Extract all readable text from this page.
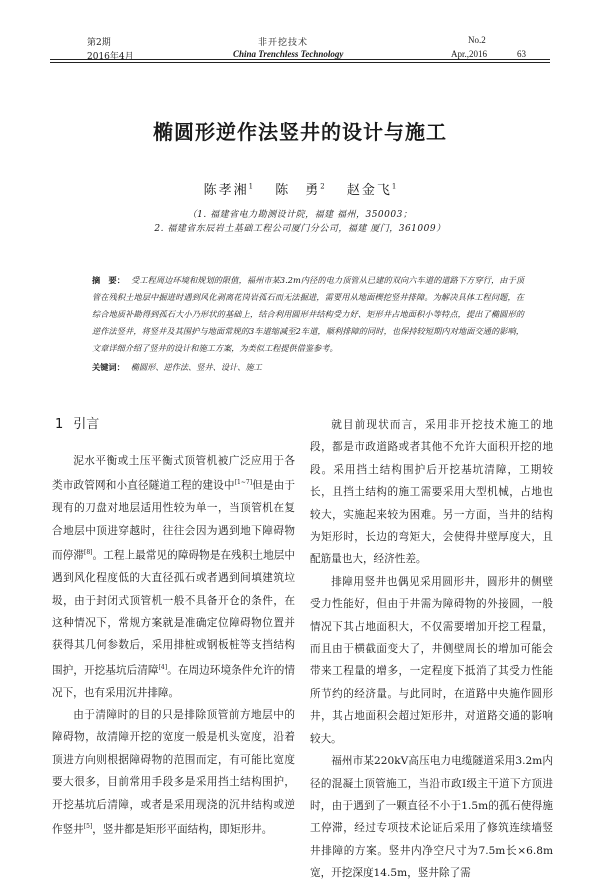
第2期
2016年4月
非开挖技术
China Trenchless Technology
No.2
Apr.,2016	63
椭圆形逆作法竖井的设计与施工
陈孝湘$^1$ 陈　勇$^2$ 赵金飞$^1$
（1. 福建省电力勘测设计院，福建 福州，350003；
2. 福建省东辰岩土基础工程公司厦门分公司，福建 厦门，361009）
摘　要： 受工程周边环境和规划的限值，福州市某3.2m内径的电力顶管从已建的双向六车道的道路下方穿行，由于顶管在残积土地层中掘进时遇到风化剥离花岗岩孤石而无法掘进，需要用从地面楔挖竖井排障。为解决具体工程问题，在综合地质补勘得到孤石大小乃形状的基础上，结合利用圆形井结构受力好、矩形井占地面积小等特点，提出了椭圆形的逆作法竖井，将竖井及其围护与地面常规的3车道缩减至2车道，顺利排障的同时，也保持较短期内对地面交通的影响，文章详细介绍了竖井的设计和施工方案，为类似工程提供借鉴参考。
关键词： 椭圆形、逆作法、竖井、设计、施工
1 引言

泥水平衡或土压平衡式顶管机被广泛应用于各类市政管网和小直径隧道工程的建设中[1~7]但是由于现有的刀盘对地层适用性较为单一，当顶管机在复合地层中顶进穿越时，往往会因为遇到地下障碍物而停滞[8]。工程上最常见的障碍物是在残积土地层中遇到风化程度低的大直径孤石或者遇到间填建筑垃圾，由于封闭式顶管机一般不具备开仓的条件，在这种情况下，常规方案就是准确定位障碍物位置并获得其几何参数后，采用排桩或钢板桩等支挡结构围护，开挖基坑后清障[4]。在周边环境条件允许的情况下，也有采用沉井排障。

由于清障时的目的只是排除顶管前方地层中的障碍物，故清障开挖的宽度一般是机头宽度，沿着顶进方向则根据障碍物的范围而定，有可能比宽度要大很多，目前常用手段多是采用挡土结构围护，开挖基坑后清障，或者是采用现浇的沉井结构或逆作竖井[5]，竖井都是矩形平面结构，即矩形井。

就目前现状而言，采用非开挖技术施工的地段，都是市政道路或者其他不允许大面积开挖的地段。采用挡土结构围护后开挖基坑清障，工期较长，且挡土结构的施工需要采用大型机械，占地也较大，实施起来较为困难。另一方面，当井的结构为矩形时，长边的弯矩大，会使得井壁厚度大，且配筋量也大，经济性差。

排障用竖井也偶见采用圆形井，圆形井的侧壁受力性能好，但由于井需为障碍物的外接圆，一般情况下其占地面积大，不仅需要增加开挖工程量，而且由于横截面变大了，井侧壁周长的增加可能会带来工程量的增多，一定程度下抵消了其受力性能所节约的经济量。与此同时，在道路中央施作圆形井，其占地面积会超过矩形井，对道路交通的影响较大。

福州市某220kV高压电力电缆隧道采用3.2m内径的混凝土顶管施工，当沿市政Ⅰ级主干道下方顶进时，由于遇到了一颗直径不小于1.5m的孤石使得施工停滞，经过专项技术论证后采用了修筑连续墙竖井排障的方案。竖井内净空尺寸为7.5m长×6.8m宽，开挖深度14.5m，竖井除了需
